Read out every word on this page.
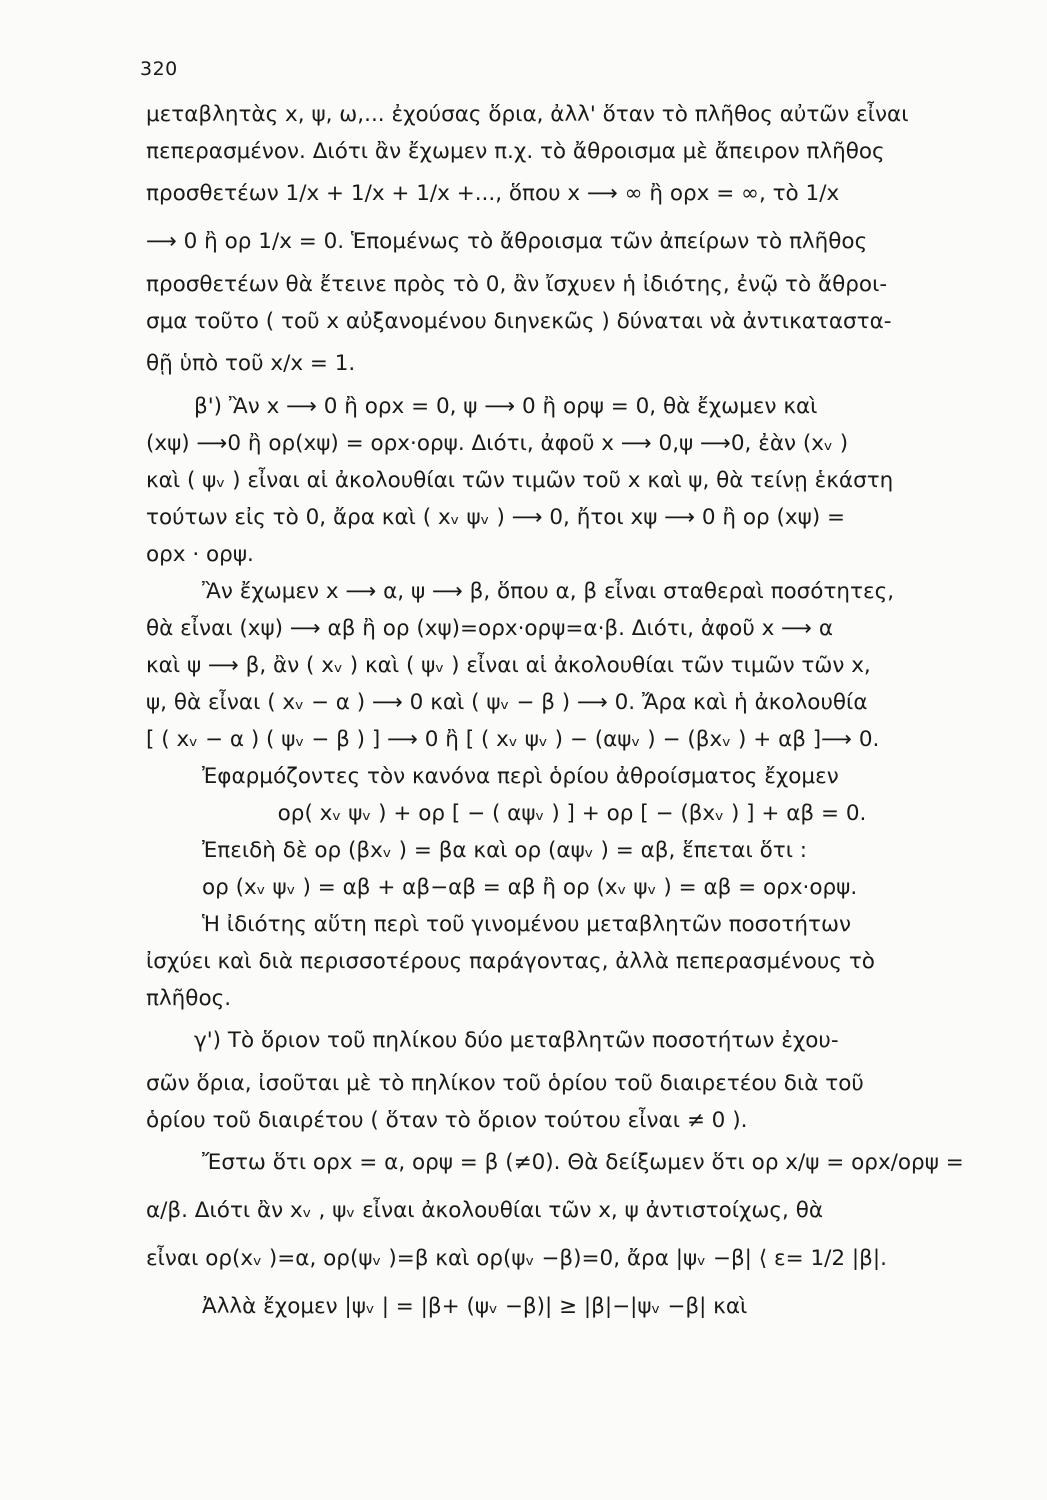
320
μεταβλητὰς x, ψ, ω,... ἐχούσας ὅρια, ἀλλ' ὅταν τὸ πλῆθος αὐτῶν εἶναι
πεπερασμένον. Διότι ἂν ἔχωμεν π.χ. τὸ ἄθροισμα μὲ ἄπειρον πλῆθος
προσθετέων 1/x + 1/x + 1/x +..., ὅπου x ⟶ ∞ ἢ ορx = ∞, τὸ 1/x
⟶ 0 ἢ ορ 1/x = 0. Ἑπομένως τὸ ἄθροισμα τῶν ἀπείρων τὸ πλῆθος
προσθετέων θὰ ἔτεινε πρὸς τὸ 0, ἂν ἴσχυεν ἡ ἰδιότης, ἐνῷ τὸ ἄθροι-
σμα τοῦτο ( τοῦ x αὐξανομένου διηνεκῶς ) δύναται νὰ ἀντικαταστα-
θῇ ὑπὸ τοῦ x/x = 1.
β') Ἂν x ⟶ 0 ἢ ορx = 0, ψ ⟶ 0 ἢ ορψ = 0, θὰ ἔχωμεν καὶ
(xψ) ⟶0 ἢ ορ(xψ) = ορx·ορψ. Διότι, ἀφοῦ x ⟶ 0,ψ ⟶0, ἐὰν (xᵥ )
καὶ ( ψᵥ ) εἶναι αἱ ἀκολουθίαι τῶν τιμῶν τοῦ x καὶ ψ, θὰ τείνῃ ἑκάστη
τούτων εἰς τὸ 0, ἄρα καὶ ( xᵥ ψᵥ ) ⟶ 0, ἤτοι xψ ⟶ 0 ἢ ορ (xψ) =
ορx · ορψ.
Ἂν ἔχωμεν x ⟶ α, ψ ⟶ β, ὅπου α, β εἶναι σταθεραὶ ποσότητες,
θὰ εἶναι (xψ) ⟶ αβ ἢ ορ (xψ)=ορx·ορψ=α·β. Διότι, ἀφοῦ x ⟶ α
καὶ ψ ⟶ β, ἂν ( xᵥ ) καὶ ( ψᵥ ) εἶναι αἱ ἀκολουθίαι τῶν τιμῶν τῶν x,
ψ, θὰ εἶναι ( xᵥ − α ) ⟶ 0 καὶ ( ψᵥ − β ) ⟶ 0. Ἄρα καὶ ἡ ἀκολουθία
[ ( xᵥ − α ) ( ψᵥ − β ) ] ⟶ 0 ἢ [ ( xᵥ ψᵥ ) − (αψᵥ ) − (βxᵥ ) + αβ ]⟶ 0.
Ἐφαρμόζοντες τὸν κανόνα περὶ ὁρίου ἀθροίσματος ἔχομεν
ορ( xᵥ ψᵥ ) + ορ [ − ( αψᵥ ) ] + ορ [ − (βxᵥ ) ] + αβ = 0.
Ἐπειδὴ δὲ ορ (βxᵥ ) = βα καὶ ορ (αψᵥ ) = αβ, ἕπεται ὅτι :
ορ (xᵥ ψᵥ ) = αβ + αβ−αβ = αβ ἢ ορ (xᵥ ψᵥ ) = αβ = ορx·ορψ.
Ἡ ἰδιότης αὕτη περὶ τοῦ γινομένου μεταβλητῶν ποσοτήτων
ἰσχύει καὶ διὰ περισσοτέρους παράγοντας, ἀλλὰ πεπερασμένους τὸ
πλῆθος.
γ') Τὸ ὅριον τοῦ πηλίκου δύο μεταβλητῶν ποσοτήτων ἐχου-
σῶν ὅρια, ἰσοῦται μὲ τὸ πηλίκον τοῦ ὁρίου τοῦ διαιρετέου διὰ τοῦ
ὁρίου τοῦ διαιρέτου ( ὅταν τὸ ὅριον τούτου εἶναι ≠ 0 ).
Ἔστω ὅτι ορx = α, ορψ = β (≠0). Θὰ δείξωμεν ὅτι ορ x/ψ = ορx/ορψ =
α/β. Διότι ἂν xᵥ , ψᵥ εἶναι ἀκολουθίαι τῶν x, ψ ἀντιστοίχως, θὰ
εἶναι ορ(xᵥ )=α, ορ(ψᵥ )=β καὶ ορ(ψᵥ −β)=0, ἄρα |ψᵥ −β| ⟨ ε= 1/2 |β|.
Ἀλλὰ ἔχομεν |ψᵥ | = |β+ (ψᵥ −β)| ≥ |β|−|ψᵥ −β| καὶ
